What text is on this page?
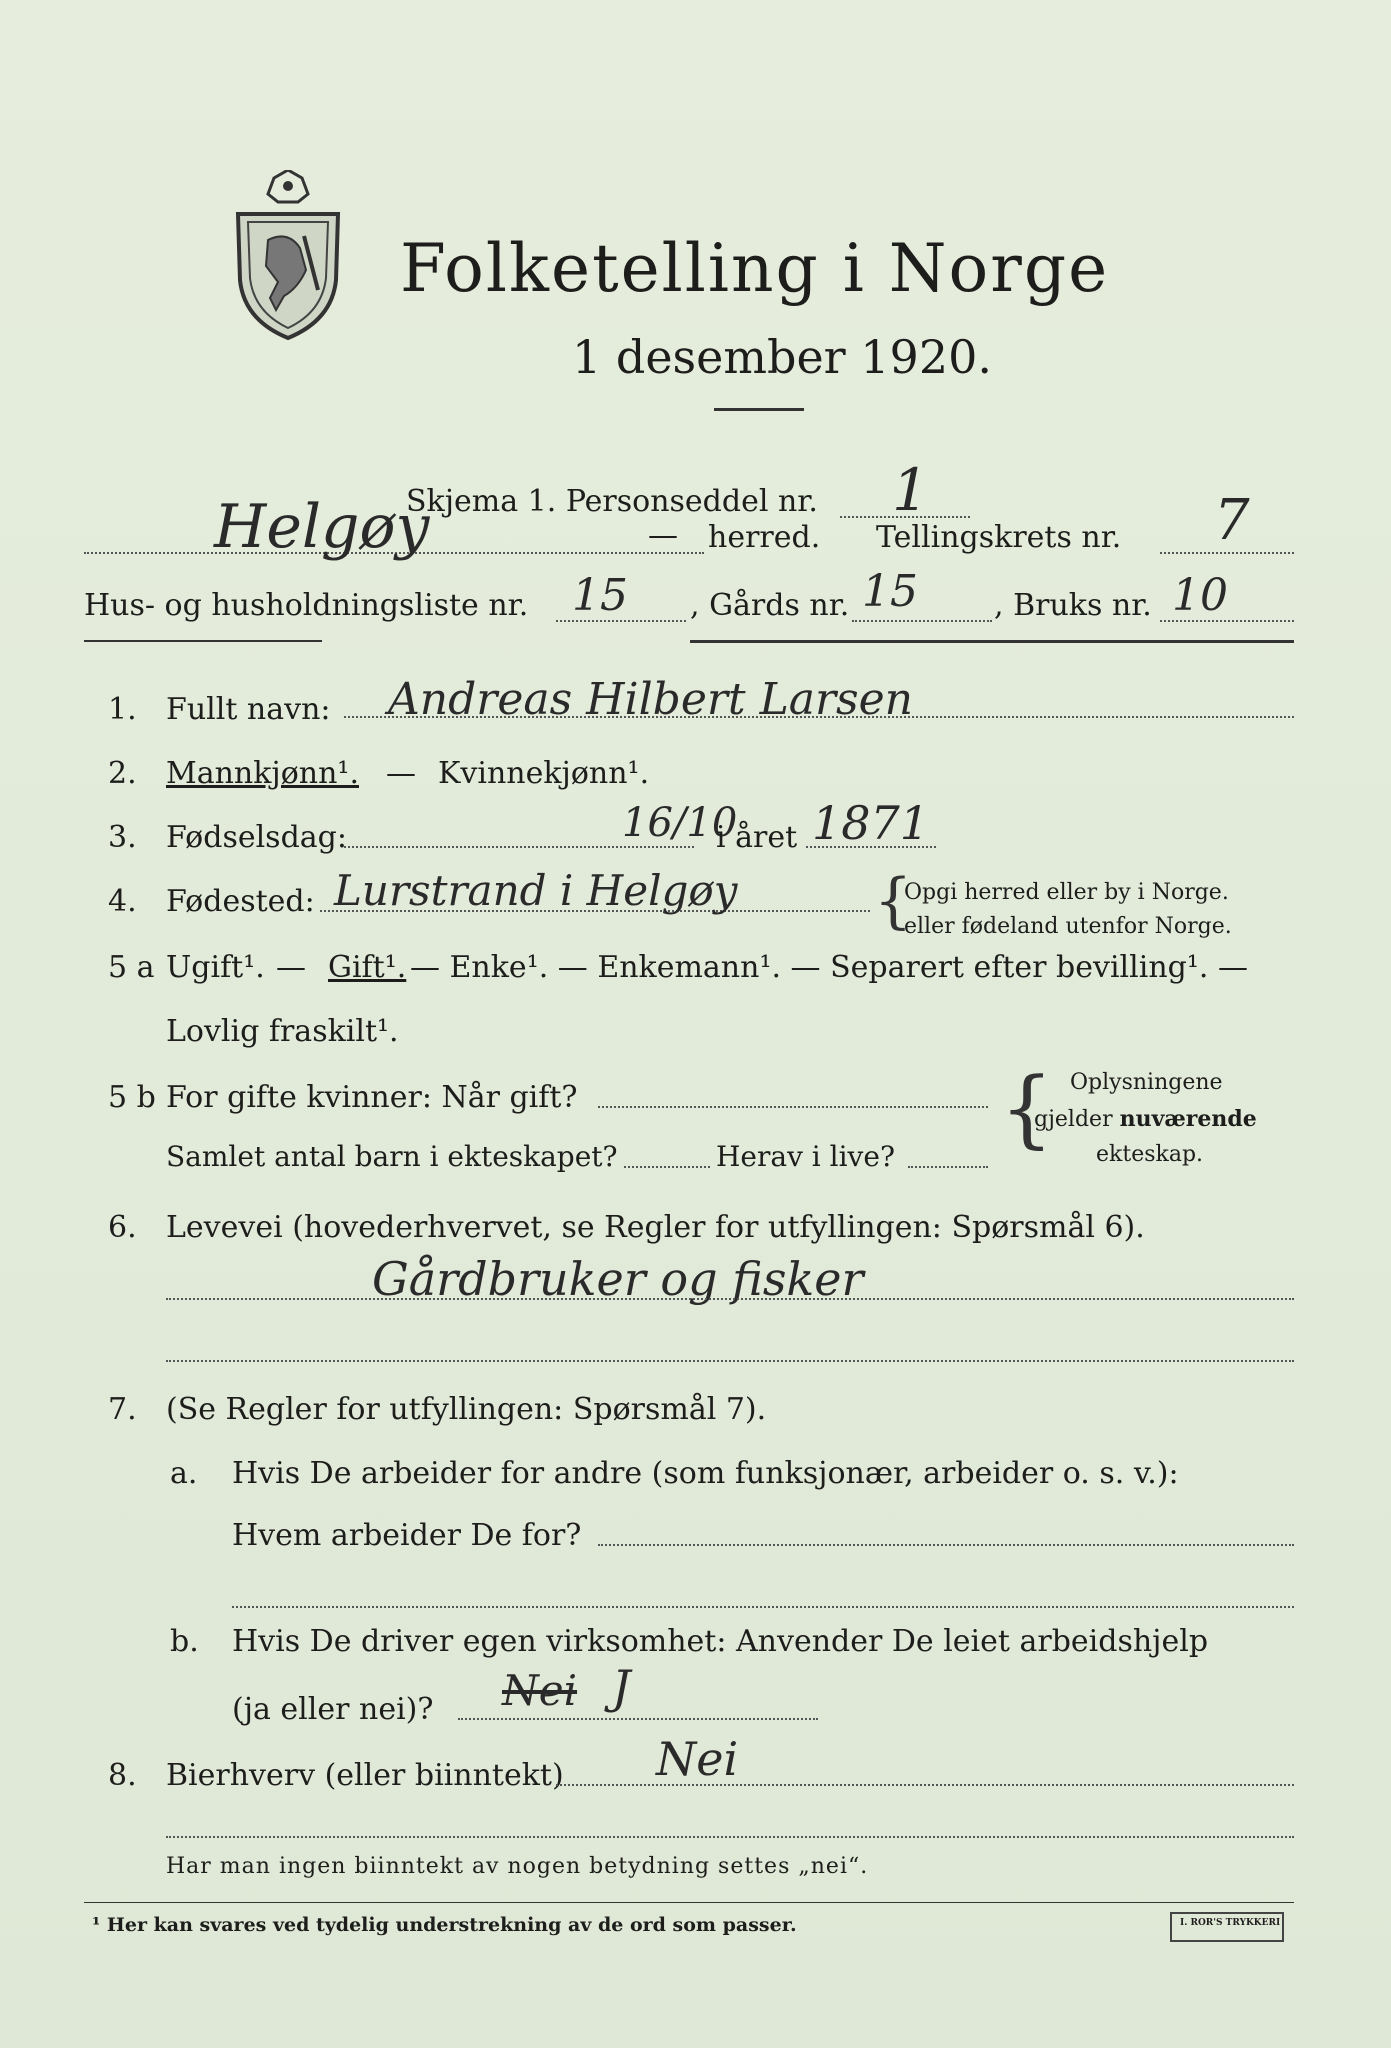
Folketelling i Norge
1 desember 1920.
Skjema 1. Personseddel nr. 1
Helgøy	— herred. Tellingskrets nr. 7
Hus- og husholdningsliste nr. 15 , Gårds nr. 15	, Bruks nr. 10
1. Fullt navn: Andreas Hilbert Larsen
2. Mannkjønn¹. — Kvinnekjønn¹.
3. Fødselsdag:	16/10
i året 1871
4. Fødested: Lurstrand i Helgøy {
Opgi herred eller by i Norge.
eller fødeland utenfor Norge.
5 a Ugift¹. — Gift¹. — Enke¹. — Enkemann¹. — Separert efter bevilling¹. —
Lovlig fraskilt¹.
5 b For gifte kvinner: Når gift?
Samlet antal barn i ekteskapet?	Herav i live? { Oplysningene
gjelder nuværende
ekteskap.
6. Levevei (hovederhvervet, se Regler for utfyllingen: Spørsmål 6).
Gårdbruker og fisker
7. (Se Regler for utfyllingen: Spørsmål 7).
a. Hvis De arbeider for andre (som funksjonær, arbeider o. s. v.):
Hvem arbeider De for?
b. Hvis De driver egen virksomhet: Anvender De leiet arbeidshjelp
(ja eller nei)? Nei J
8. Bierhverv (eller biinntekt) Nei
Har man ingen biinntekt av nogen betydning settes „nei“.
¹ Her kan svares ved tydelig understrekning av de ord som passer.	I. ROR'S TRYKKERI
